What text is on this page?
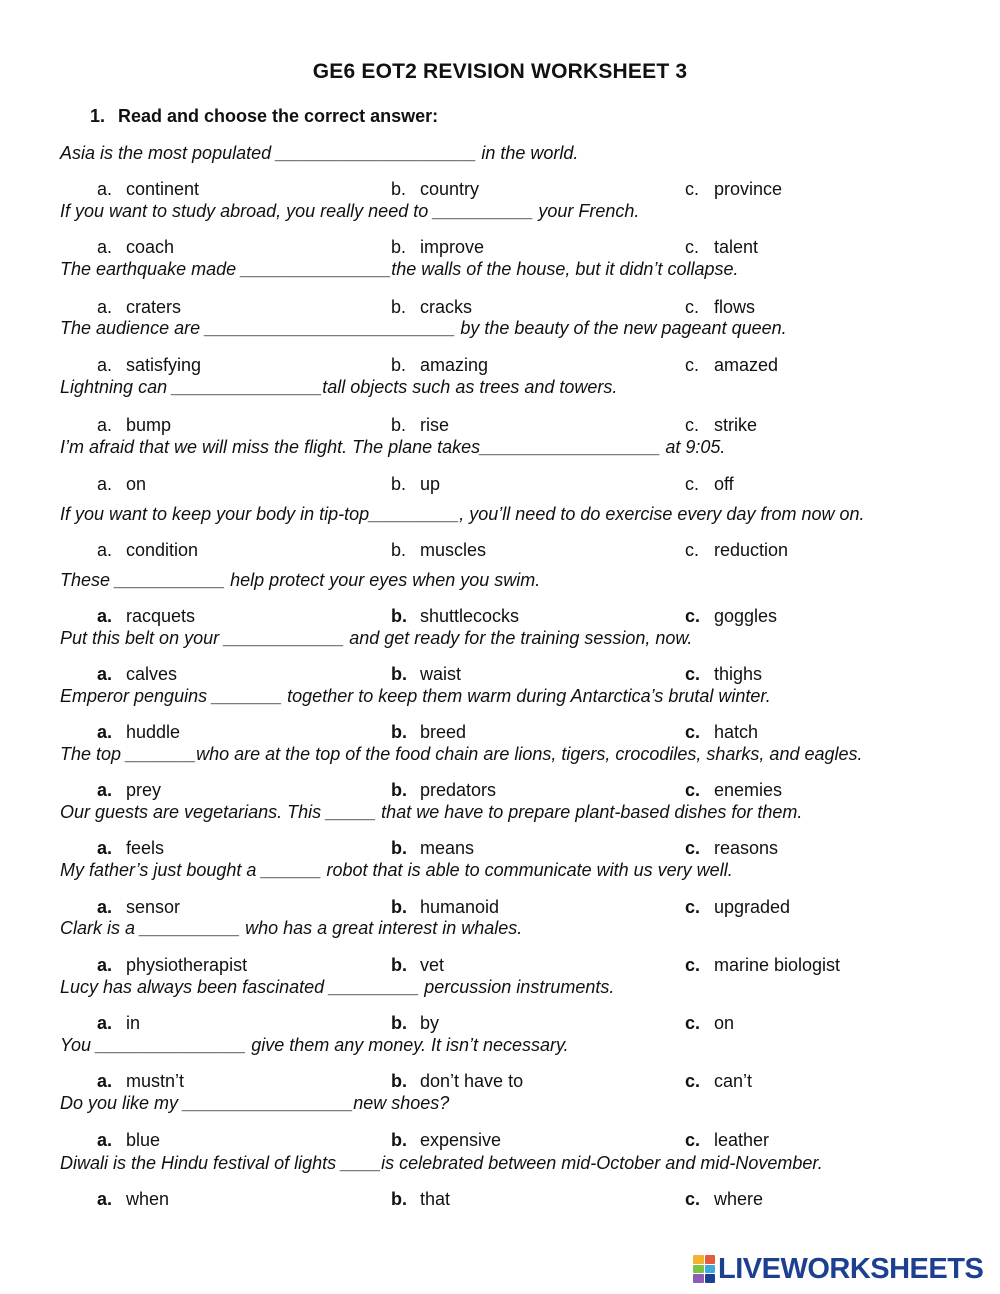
GE6 EOT2 REVISION WORKSHEET 3
1. Read and choose the correct answer:
Asia is the most populated ____________________ in the world.
a. continent	b. country	c. province
If you want to study abroad, you really need to __________ your French.
a. coach	b. improve	c. talent
The earthquake made _______________the walls of the house, but it didn’t collapse.
a. craters	b. cracks	c. flows
The audience are _________________________ by the beauty of the new pageant queen.
a. satisfying	b. amazing	c. amazed
Lightning can _______________tall objects such as trees and towers.
a. bump	b. rise	c. strike
I’m afraid that we will miss the flight. The plane takes__________________ at 9:05.
a. on	b. up	c. off
If you want to keep your body in tip-top_________, you’ll need to do exercise every day from now on.
a. condition	b. muscles	c. reduction
These ___________ help protect your eyes when you swim.
a. racquets	b. shuttlecocks	c. goggles
Put this belt on your ____________ and get ready for the training session, now.
a. calves	b. waist	c. thighs
Emperor penguins _______ together to keep them warm during Antarctica’s brutal winter.
a. huddle	b. breed	c. hatch
The top _______who are at the top of the food chain are lions, tigers, crocodiles, sharks, and eagles.
a. prey	b. predators	c. enemies
Our guests are vegetarians. This _____ that we have to prepare plant-based dishes for them.
a. feels	b. means	c. reasons
My father’s just bought a ______ robot that is able to communicate with us very well.
a. sensor	b. humanoid	c. upgraded
Clark is a __________ who has a great interest in whales.
a. physiotherapist	b. vet	c. marine biologist
Lucy has always been fascinated _________ percussion instruments.
a. in	b. by	c. on
You _______________ give them any money. It isn’t necessary.
a. mustn’t	b. don’t have to	c. can’t
Do you like my _________________new shoes?
a. blue	b. expensive	c. leather
Diwali is the Hindu festival of lights ____is celebrated between mid-October and mid-November.
a. when	b. that	c. where
LIVEWORKSHEETS
